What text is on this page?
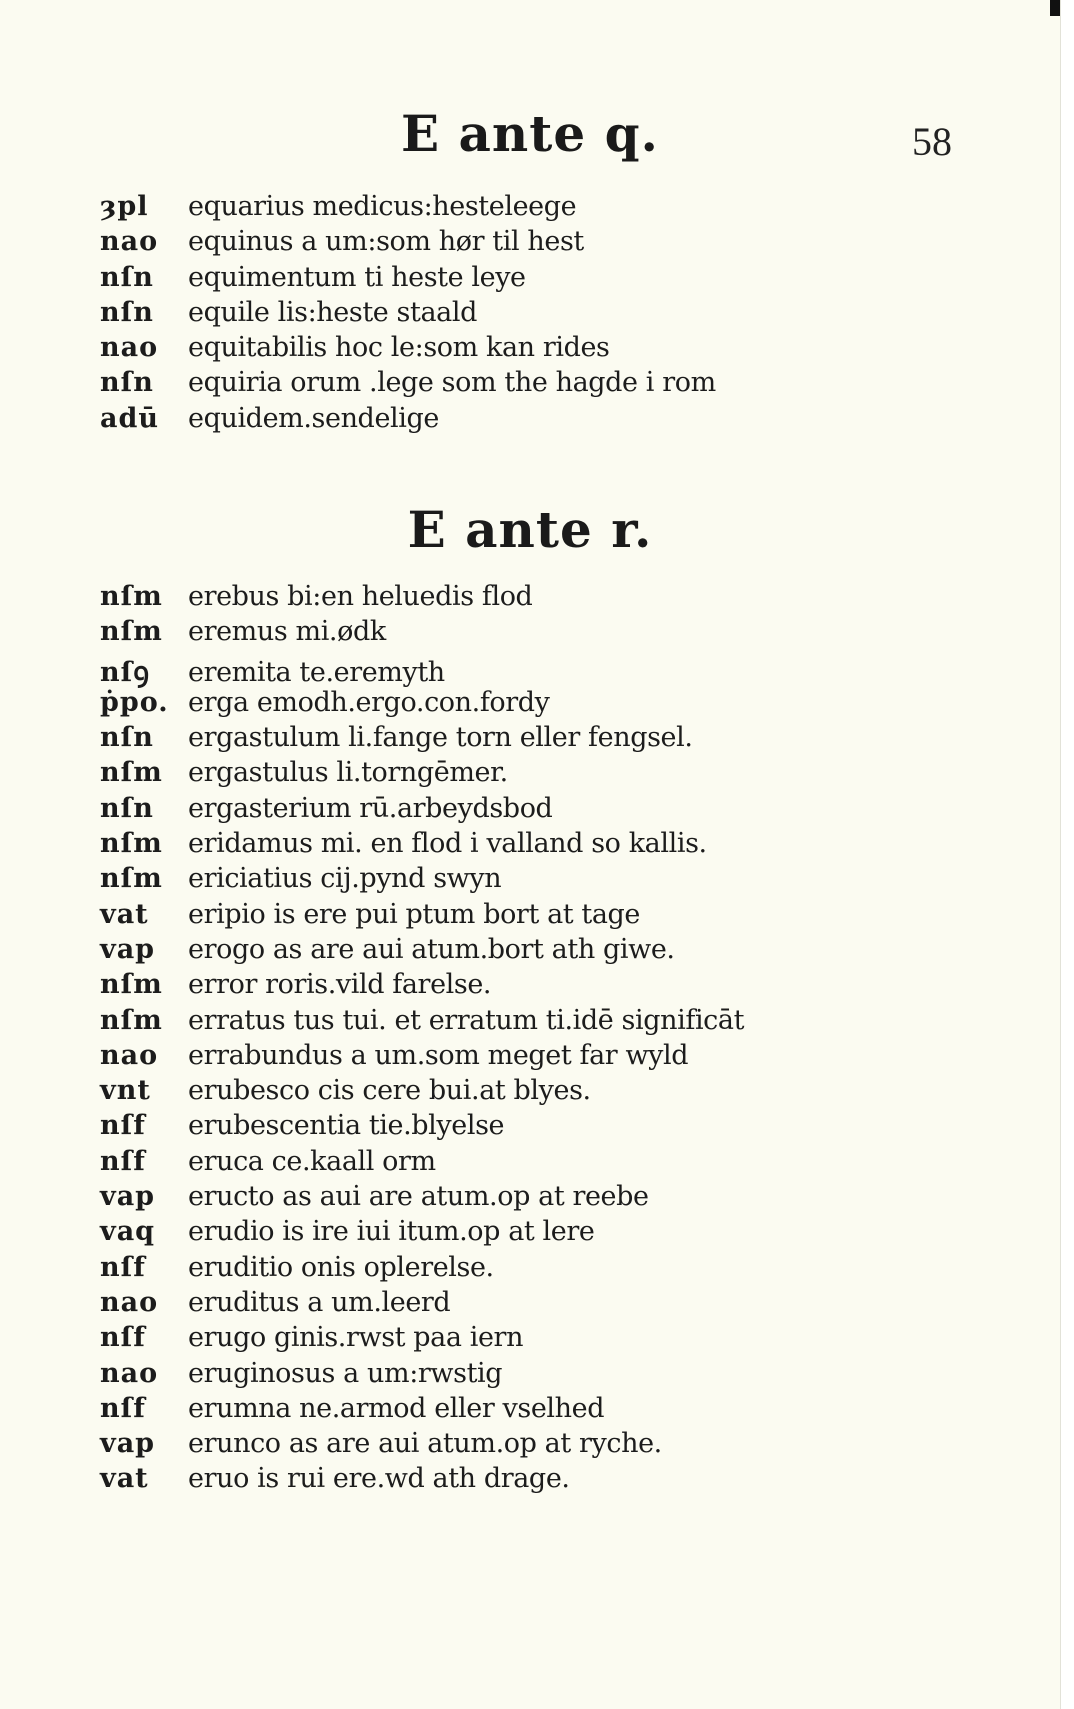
E ante q.	58
ȝpl	equarius medicus:hesteleege
nao	equinus a um:som hør til hest
nſn	equimentum ti heste leye
nſn	equile lis:heste staald
nao	equitabilis hoc le:som kan rides
nſn	equiria orum .lege som the hagde i rom
adū	equidem.sendelige
E ante r.
nſm erebus bi:en heluedis flod
nſm eremus mi.ødk
nſꝯ	eremita te.eremyth
ṗpo. erga emodh.ergo.con.fordy
nſn	ergastulum li.fange torn eller fengsel.
nſm ergastulus li.torngēmer.
nſn	ergasterium rū.arbeydsbod
nſm eridamus mi. en flod i valland so kallis.
nſm ericiatius cij.pynd swyn
vat	eripio is ere pui ptum bort at tage
vap	erogo as are aui atum.bort ath giwe.
nſm error roris.vild farelse.
nſm erratus tus tui. et erratum ti.idē significāt
nao	errabundus a um.som meget far wyld
vnt	erubesco cis cere bui.at blyes.
nſf	erubescentia tie.blyelse
nſf	eruca ce.kaall orm
vap	eructo as aui are atum.op at reebe
vaq	erudio is ire iui itum.op at lere
nſf	eruditio onis oplerelse.
nao	eruditus a um.leerd
nſf	erugo ginis.rwst paa iern
nao	eruginosus a um:rwstig
nſf	erumna ne.armod eller vselhed
vap	erunco as are aui atum.op at ryche.
vat	eruo is rui ere.wd ath drage.
